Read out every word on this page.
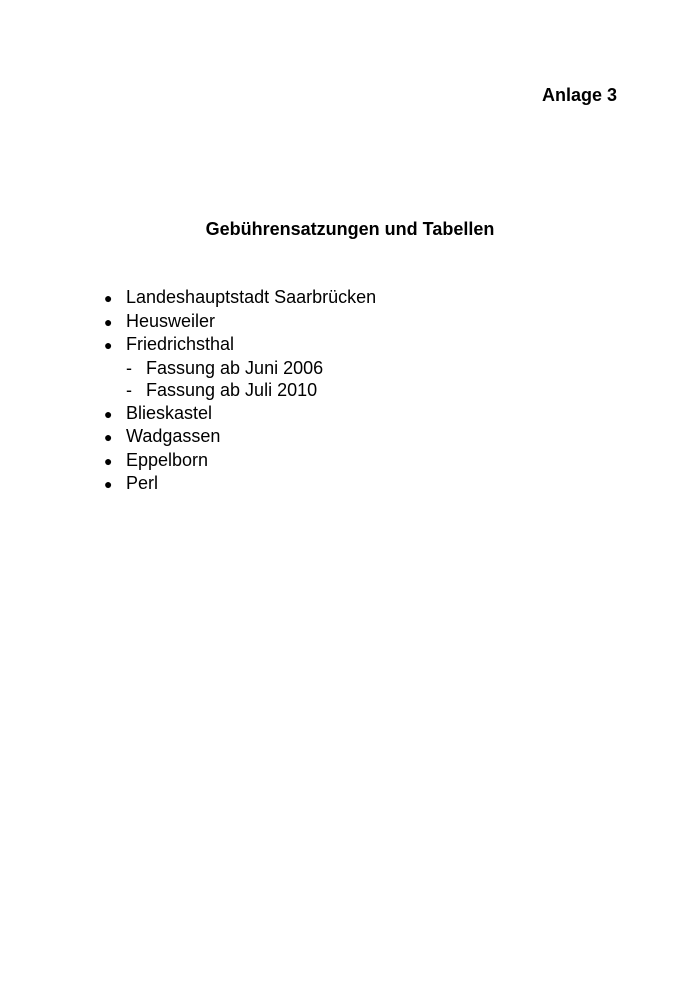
Anlage 3
Gebührensatzungen und Tabellen
● Landeshauptstadt Saarbrücken
● Heusweiler
● Friedrichsthal
- Fassung ab Juni 2006
- Fassung ab Juli 2010
● Blieskastel
● Wadgassen
● Eppelborn
● Perl
